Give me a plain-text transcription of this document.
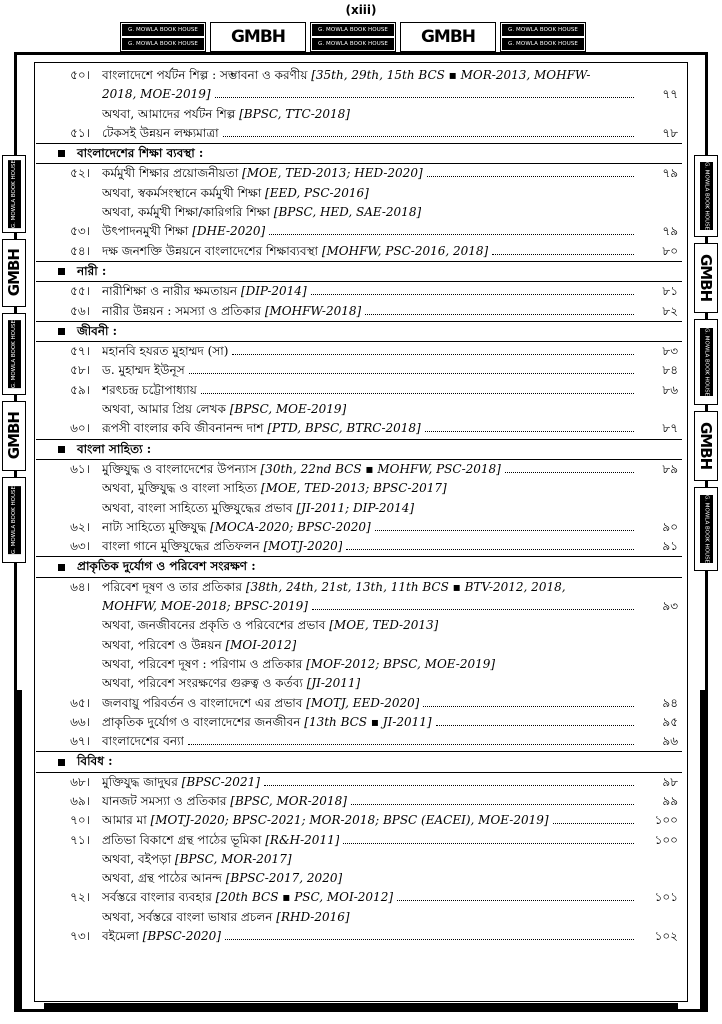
(xiii)
G. MOWLA BOOK HOUSE
G. MOWLA BOOK HOUSE	GMBH	G. MOWLA BOOK HOUSE
G. MOWLA BOOK HOUSE	GMBH	G. MOWLA BOOK HOUSE
G. MOWLA BOOK HOUSE
G. MOWLA BOOK HOUSE
GMBH
G. MOWLA BOOK HOUSE
GMBH
G. MOWLA BOOK HOUSE
G. MOWLA BOOK HOUSE
GMBH
G. MOWLA BOOK HOUSE
GMBH
G. MOWLA BOOK HOUSE
৫০। বাংলাদেশে পর্যটন শিল্প : সম্ভাবনা ও করণীয় [35th, 29th, 15th BCS ▪ MOR-2013, MOHFW-
2018, MOE-2019]	৭৭
অথবা, আমাদের পর্যটন শিল্প [BPSC, TTC-2018]
৫১। টেকসই উন্নয়ন লক্ষ্যমাত্রা	৭৮
বাংলাদেশের শিক্ষা ব্যবস্থা :
৫২। কর্মমুখী শিক্ষার প্রয়োজনীয়তা [MOE, TED-2013; HED-2020]	৭৯
অথবা, স্বকর্মসংস্থানে কর্মমুখী শিক্ষা [EED, PSC-2016]
অথবা, কর্মমুখী শিক্ষা/কারিগরি শিক্ষা [BPSC, HED, SAE-2018]
৫৩। উৎপাদনমুখী শিক্ষা [DHE-2020]	৭৯
৫৪। দক্ষ জনশক্তি উন্নয়নে বাংলাদেশের শিক্ষাব্যবস্থা [MOHFW, PSC-2016, 2018]	৮০
নারী :
৫৫। নারীশিক্ষা ও নারীর ক্ষমতায়ন [DIP-2014]	৮১
৫৬। নারীর উন্নয়ন : সমস্যা ও প্রতিকার [MOHFW-2018]	৮২
জীবনী :
৫৭। মহানবি হযরত মুহাম্মদ (সা)	৮৩
৫৮। ড. মুহাম্মদ ইউনূস	৮৪
৫৯। শরৎচন্দ্র চট্টোপাধ্যায়	৮৬
অথবা, আমার প্রিয় লেখক [BPSC, MOE-2019]
৬০। রূপসী বাংলার কবি জীবনানন্দ দাশ [PTD, BPSC, BTRC-2018]	৮৭
বাংলা সাহিত্য :
৬১। মুক্তিযুদ্ধ ও বাংলাদেশের উপন্যাস [30th, 22nd BCS ▪ MOHFW, PSC-2018]	৮৯
অথবা, মুক্তিযুদ্ধ ও বাংলা সাহিত্য [MOE, TED-2013; BPSC-2017]
অথবা, বাংলা সাহিত্যে মুক্তিযুদ্ধের প্রভাব [JI-2011; DIP-2014]
৬২। নাট্য সাহিত্যে মুক্তিযুদ্ধ [MOCA-2020; BPSC-2020]	৯০
৬৩। বাংলা গানে মুক্তিযুদ্ধের প্রতিফলন [MOTJ-2020]	৯১
প্রাকৃতিক দুর্যোগ ও পরিবেশ সংরক্ষণ :
৬৪। পরিবেশ দূষণ ও তার প্রতিকার [38th, 24th, 21st, 13th, 11th BCS ▪ BTV-2012, 2018,
MOHFW, MOE-2018; BPSC-2019]	৯৩
অথবা, জনজীবনের প্রকৃতি ও পরিবেশের প্রভাব [MOE, TED-2013]
অথবা, পরিবেশ ও উন্নয়ন [MOI-2012]
অথবা, পরিবেশ দূষণ : পরিণাম ও প্রতিকার [MOF-2012; BPSC, MOE-2019]
অথবা, পরিবেশ সংরক্ষণের গুরুত্ব ও কর্তব্য [JI-2011]
৬৫। জলবায়ু পরিবর্তন ও বাংলাদেশে এর প্রভাব [MOTJ, EED-2020]	৯৪
৬৬। প্রাকৃতিক দুর্যোগ ও বাংলাদেশের জনজীবন [13th BCS ▪ JI-2011]	৯৫
৬৭। বাংলাদেশের বন্যা	৯৬
বিবিধ :
৬৮। মুক্তিযুদ্ধ জাদুঘর [BPSC-2021]	৯৮
৬৯। যানজট সমস্যা ও প্রতিকার [BPSC, MOR-2018]	৯৯
৭০। আমার মা [MOTJ-2020; BPSC-2021; MOR-2018; BPSC (EACEI), MOE-2019]	১০০
৭১। প্রতিভা বিকাশে গ্রন্থ পাঠের ভূমিকা [R&H-2011]	১০০
অথবা, বইপড়া [BPSC, MOR-2017]
অথবা, গ্রন্থ পাঠের আনন্দ [BPSC-2017, 2020]
৭২। সর্বস্তরে বাংলার ব্যবহার [20th BCS ▪ PSC, MOI-2012]	১০১
অথবা, সর্বস্তরে বাংলা ভাষার প্রচলন [RHD-2016]
৭৩। বইমেলা [BPSC-2020]	১০২
